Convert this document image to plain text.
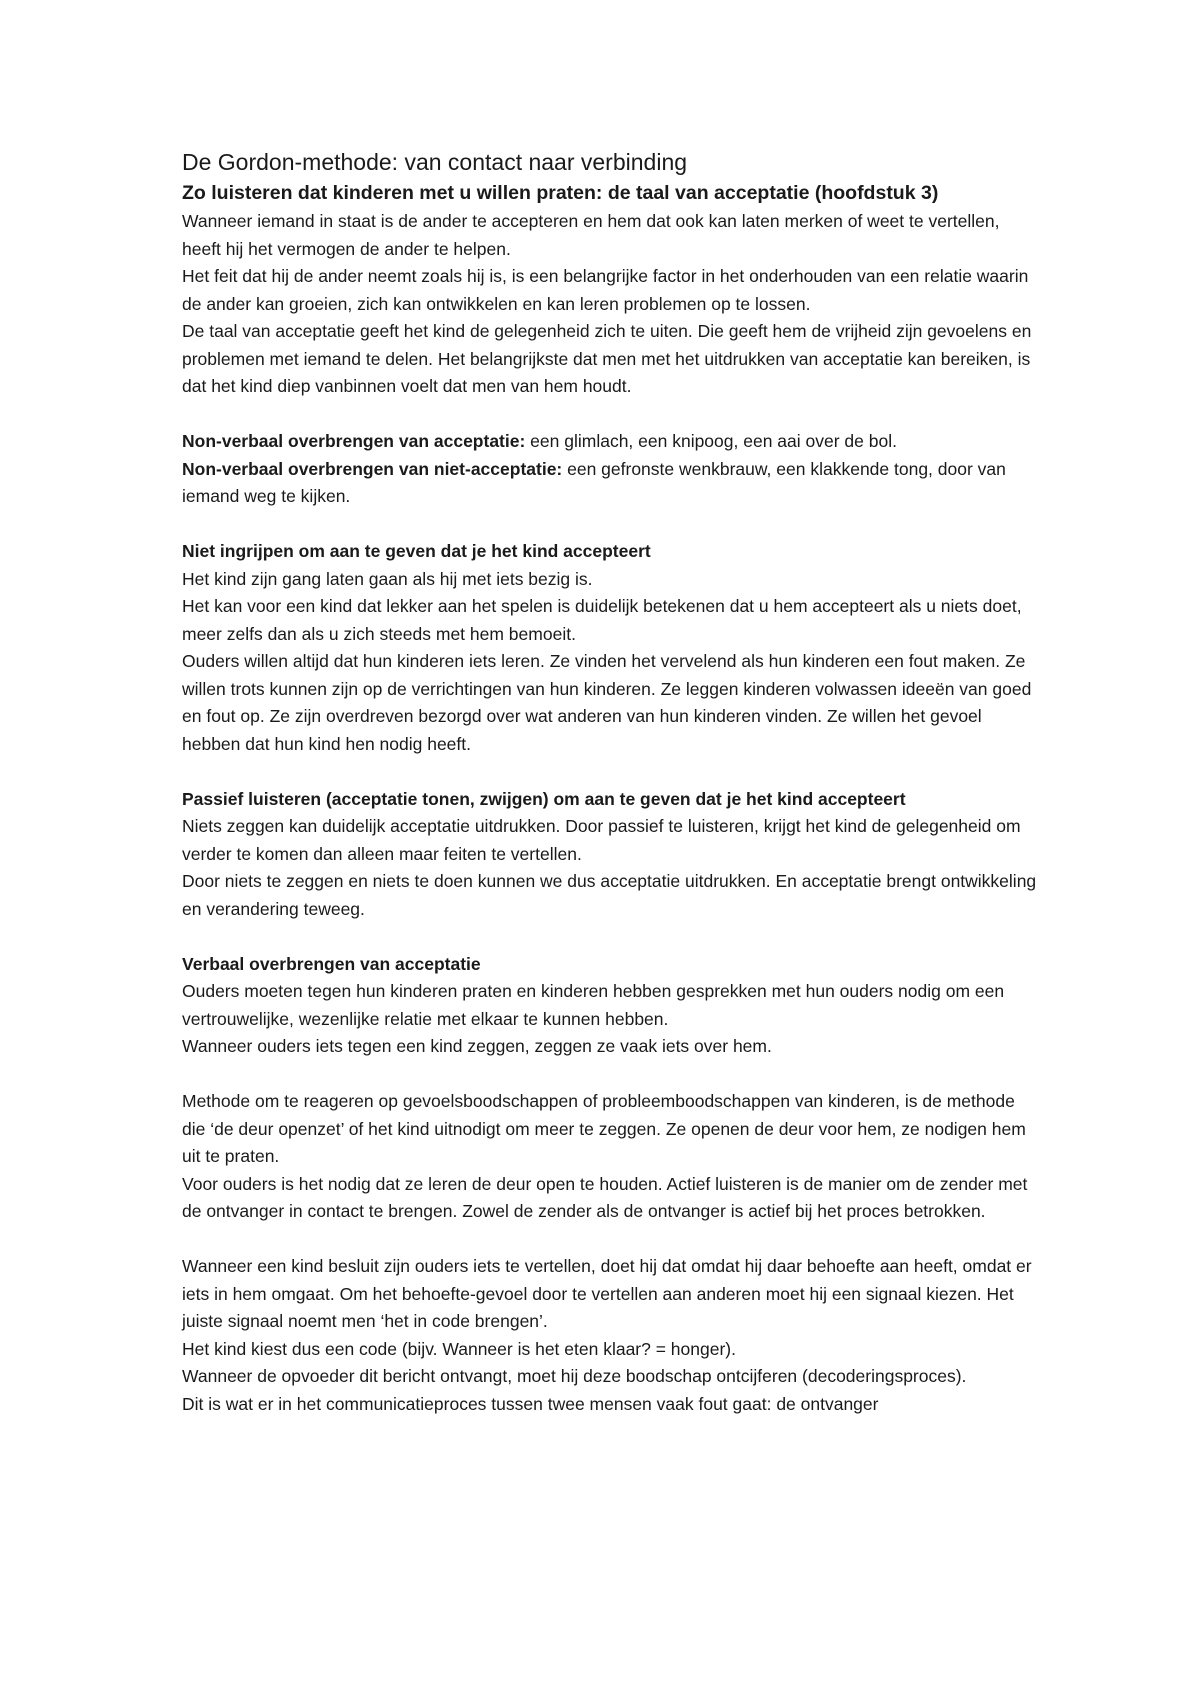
De Gordon-methode: van contact naar verbinding
Zo luisteren dat kinderen met u willen praten: de taal van acceptatie (hoofdstuk 3)

Wanneer iemand in staat is de ander te accepteren en hem dat ook kan laten merken of weet te vertellen, heeft hij het vermogen de ander te helpen.

Het feit dat hij de ander neemt zoals hij is, is een belangrijke factor in het onderhouden van een relatie waarin de ander kan groeien, zich kan ontwikkelen en kan leren problemen op te lossen.

De taal van acceptatie geeft het kind de gelegenheid zich te uiten. Die geeft hem de vrijheid zijn gevoelens en problemen met iemand te delen. Het belangrijkste dat men met het uitdrukken van acceptatie kan bereiken, is dat het kind diep vanbinnen voelt dat men van hem houdt.

Non-verbaal overbrengen van acceptatie: een glimlach, een knipoog, een aai over de bol.

Non-verbaal overbrengen van niet-acceptatie: een gefronste wenkbrauw, een klakkende tong, door van iemand weg te kijken.

Niet ingrijpen om aan te geven dat je het kind accepteert

Het kind zijn gang laten gaan als hij met iets bezig is.

Het kan voor een kind dat lekker aan het spelen is duidelijk betekenen dat u hem accepteert als u niets doet, meer zelfs dan als u zich steeds met hem bemoeit.

Ouders willen altijd dat hun kinderen iets leren. Ze vinden het vervelend als hun kinderen een fout maken. Ze willen trots kunnen zijn op de verrichtingen van hun kinderen. Ze leggen kinderen volwassen ideeën van goed en fout op. Ze zijn overdreven bezorgd over wat anderen van hun kinderen vinden. Ze willen het gevoel hebben dat hun kind hen nodig heeft.

Passief luisteren (acceptatie tonen, zwijgen) om aan te geven dat je het kind accepteert

Niets zeggen kan duidelijk acceptatie uitdrukken. Door passief te luisteren, krijgt het kind de gelegenheid om verder te komen dan alleen maar feiten te vertellen.

Door niets te zeggen en niets te doen kunnen we dus acceptatie uitdrukken. En acceptatie brengt ontwikkeling en verandering teweeg.

Verbaal overbrengen van acceptatie

Ouders moeten tegen hun kinderen praten en kinderen hebben gesprekken met hun ouders nodig om een vertrouwelijke, wezenlijke relatie met elkaar te kunnen hebben.

Wanneer ouders iets tegen een kind zeggen, zeggen ze vaak iets over hem.

Methode om te reageren op gevoelsboodschappen of probleemboodschappen van kinderen, is de methode die ‘de deur openzet’ of het kind uitnodigt om meer te zeggen. Ze openen de deur voor hem, ze nodigen hem uit te praten.

Voor ouders is het nodig dat ze leren de deur open te houden. Actief luisteren is de manier om de zender met de ontvanger in contact te brengen. Zowel de zender als de ontvanger is actief bij het proces betrokken.

Wanneer een kind besluit zijn ouders iets te vertellen, doet hij dat omdat hij daar behoefte aan heeft, omdat er iets in hem omgaat. Om het behoefte-gevoel door te vertellen aan anderen moet hij een signaal kiezen. Het juiste signaal noemt men ‘het in code brengen’.

Het kind kiest dus een code (bijv. Wanneer is het eten klaar? = honger).

Wanneer de opvoeder dit bericht ontvangt, moet hij deze boodschap ontcijferen (decoderingsproces).

Dit is wat er in het communicatieproces tussen twee mensen vaak fout gaat: de ontvanger
